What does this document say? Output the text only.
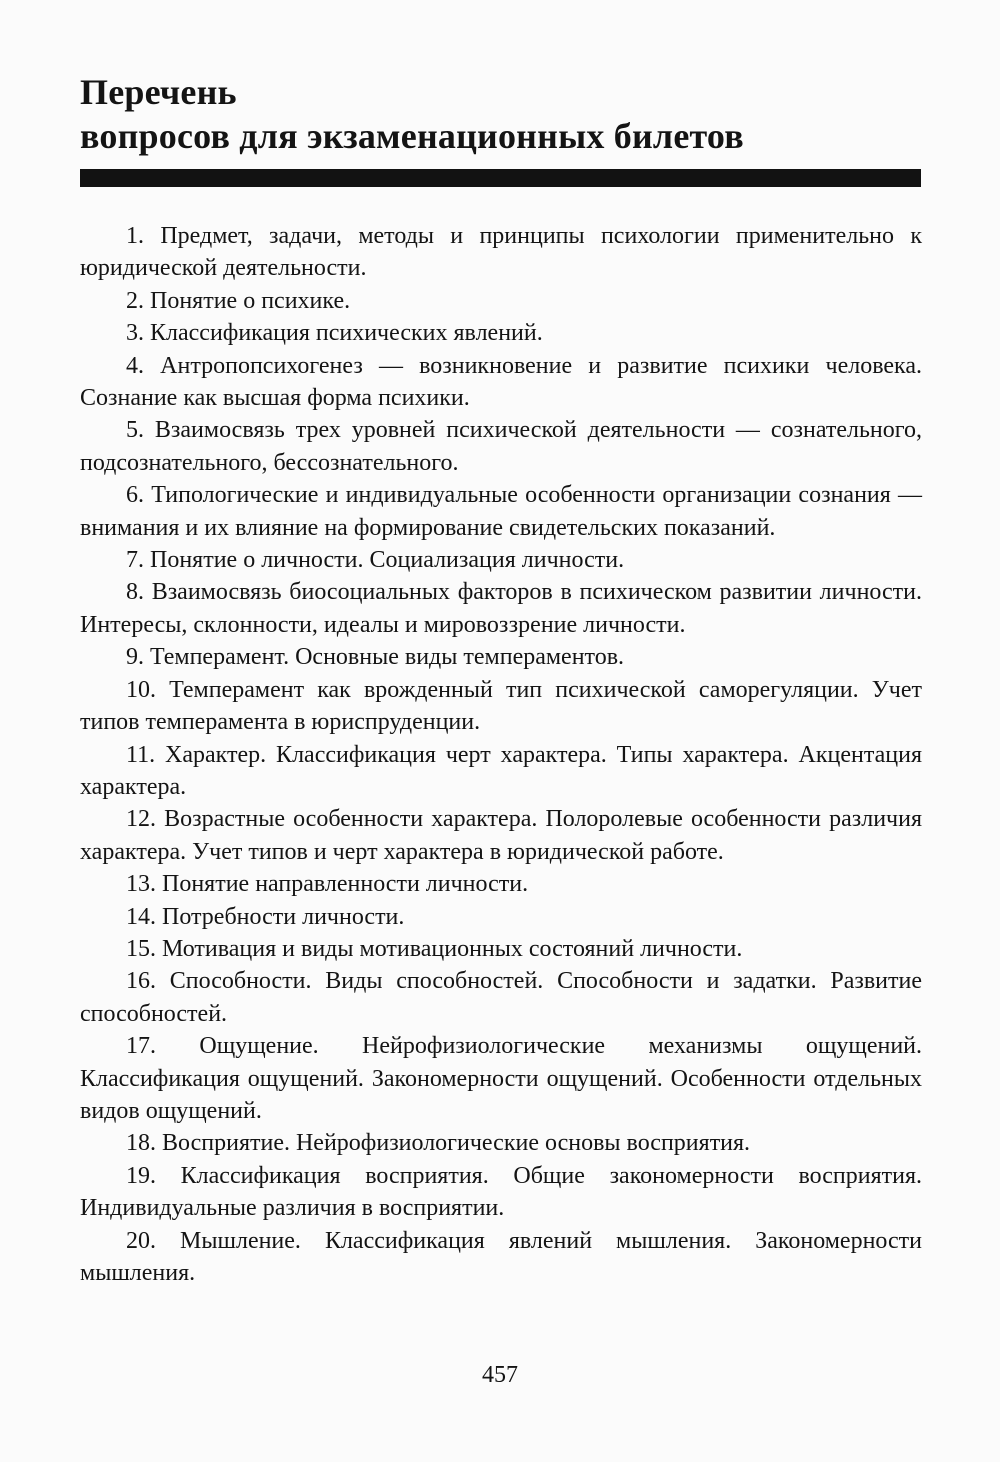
Перечень
вопросов для экзаменационных билетов
1. Предмет, задачи, методы и принципы психологии применительно к юридической деятельности.
2. Понятие о психике.
3. Классификация психических явлений.
4. Антропопсихогенез — возникновение и развитие психики человека. Сознание как высшая форма психики.
5. Взаимосвязь трех уровней психической деятельности — сознательного, подсознательного, бессознательного.
6. Типологические и индивидуальные особенности организации сознания — внимания и их влияние на формирование свидетельских показаний.
7. Понятие о личности. Социализация личности.
8. Взаимосвязь биосоциальных факторов в психическом развитии личности. Интересы, склонности, идеалы и мировоззрение личности.
9. Темперамент. Основные виды темпераментов.
10. Темперамент как врожденный тип психической саморегуляции. Учет типов темперамента в юриспруденции.
11. Характер. Классификация черт характера. Типы характера. Акцентация характера.
12. Возрастные особенности характера. Полоролевые особенности различия характера. Учет типов и черт характера в юридической работе.
13. Понятие направленности личности.
14. Потребности личности.
15. Мотивация и виды мотивационных состояний личности.
16. Способности. Виды способностей. Способности и задатки. Развитие способностей.
17. Ощущение. Нейрофизиологические механизмы ощущений. Классификация ощущений. Закономерности ощущений. Особенности отдельных видов ощущений.
18. Восприятие. Нейрофизиологические основы восприятия.
19. Классификация восприятия. Общие закономерности восприятия. Индивидуальные различия в восприятии.
20. Мышление. Классификация явлений мышления. Закономерности мышления.
457
